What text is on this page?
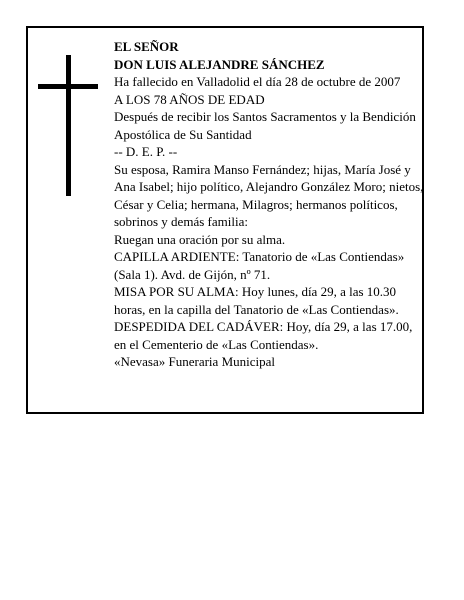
EL SEÑOR
DON LUIS ALEJANDRE SÁNCHEZ
Ha fallecido en Valladolid el día 28 de octubre de 2007
A LOS 78 AÑOS DE EDAD
Después de recibir los Santos Sacramentos y la Bendición Apostólica de Su Santidad
-- D. E. P. --
Su esposa, Ramira Manso Fernández; hijas, María José y Ana Isabel; hijo político, Alejandro González Moro; nietos, César y Celia; hermana, Milagros; hermanos políticos, sobrinos y demás familia:
Ruegan una oración por su alma.
CAPILLA ARDIENTE: Tanatorio de «Las Contiendas» (Sala 1). Avd. de Gijón, nº 71.
MISA POR SU ALMA: Hoy lunes, día 29, a las 10.30 horas, en la capilla del Tanatorio de «Las Contiendas».
DESPEDIDA DEL CADÁVER: Hoy, día 29, a las 17.00, en el Cementerio de «Las Contiendas».
«Nevasa» Funeraria Municipal
